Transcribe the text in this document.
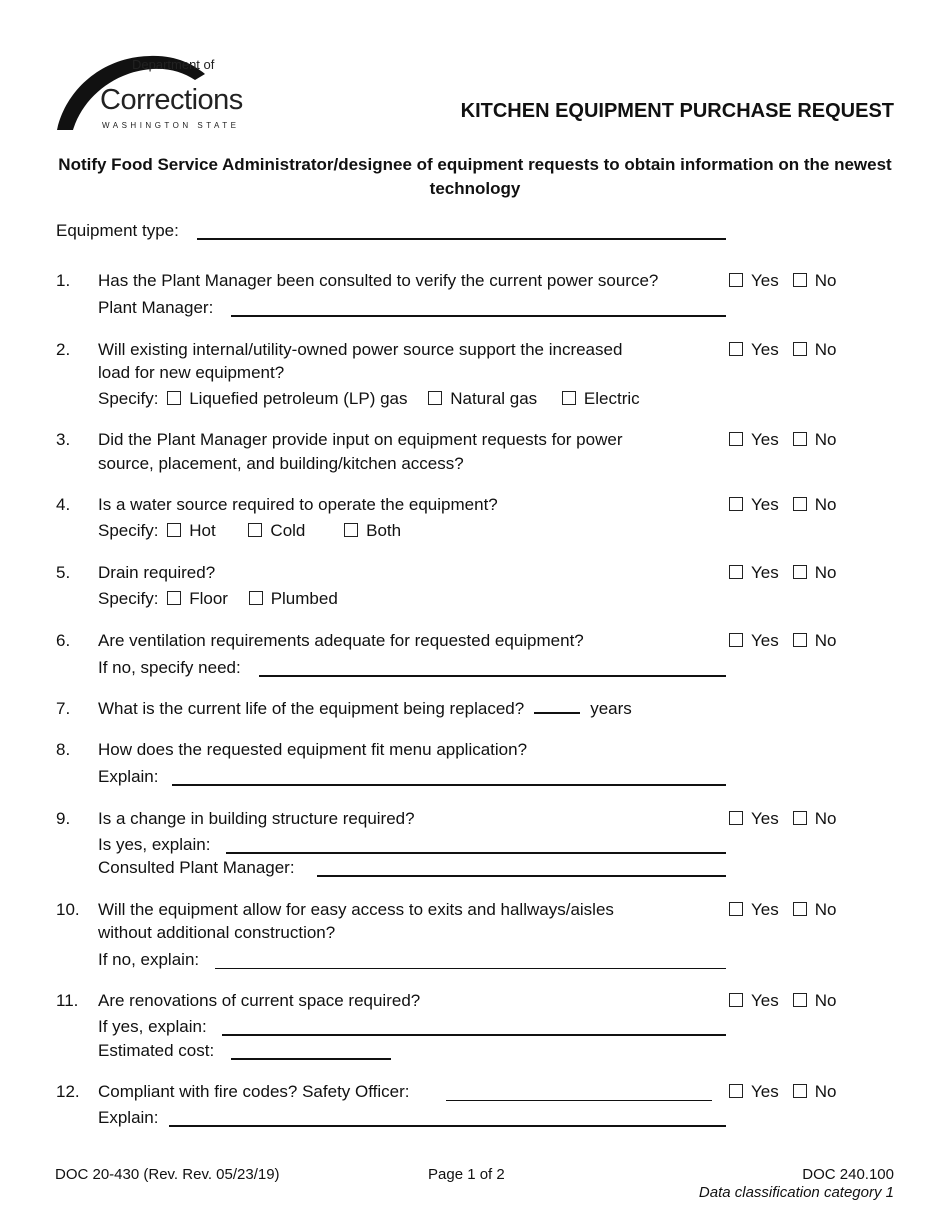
Department of
Corrections
WASHINGTON STATE
KITCHEN EQUIPMENT PURCHASE REQUEST
Notify Food Service Administrator/designee of equipment requests to obtain information on the newest technology
Equipment type:
1.	Has the Plant Manager been consulted to verify the current power source?	Yes No
Plant Manager:
2.	Will existing internal/utility-owned power source support the increased
load for new equipment?
Yes No
Specify: Liquefied petroleum (LP) gas	Natural gas	Electric
3.	Did the Plant Manager provide input on equipment requests for power
source, placement, and building/kitchen access?
Yes No
4.	Is a water source required to operate the equipment?	Yes No
Specify: Hot	Cold	Both
5.	Drain required?	Yes No
Specify: Floor	Plumbed
6.	Are ventilation requirements adequate for requested equipment?	Yes No
If no, specify need:
7.	What is the current life of the equipment being replaced?	years
8.	How does the requested equipment fit menu application?
Explain:
9.	Is a change in building structure required?	Yes No
Is yes, explain:
Consulted Plant Manager:
10.	Will the equipment allow for easy access to exits and hallways/aisles
without additional construction?
Yes No
If no, explain:
11.	Are renovations of current space required?	Yes No
If yes, explain:
Estimated cost:
12.	Compliant with fire codes? Safety Officer:	Yes No
Explain:
DOC 20-430 (Rev. Rev. 05/23/19)	Page 1 of 2	DOC 240.100
Data classification category 1
